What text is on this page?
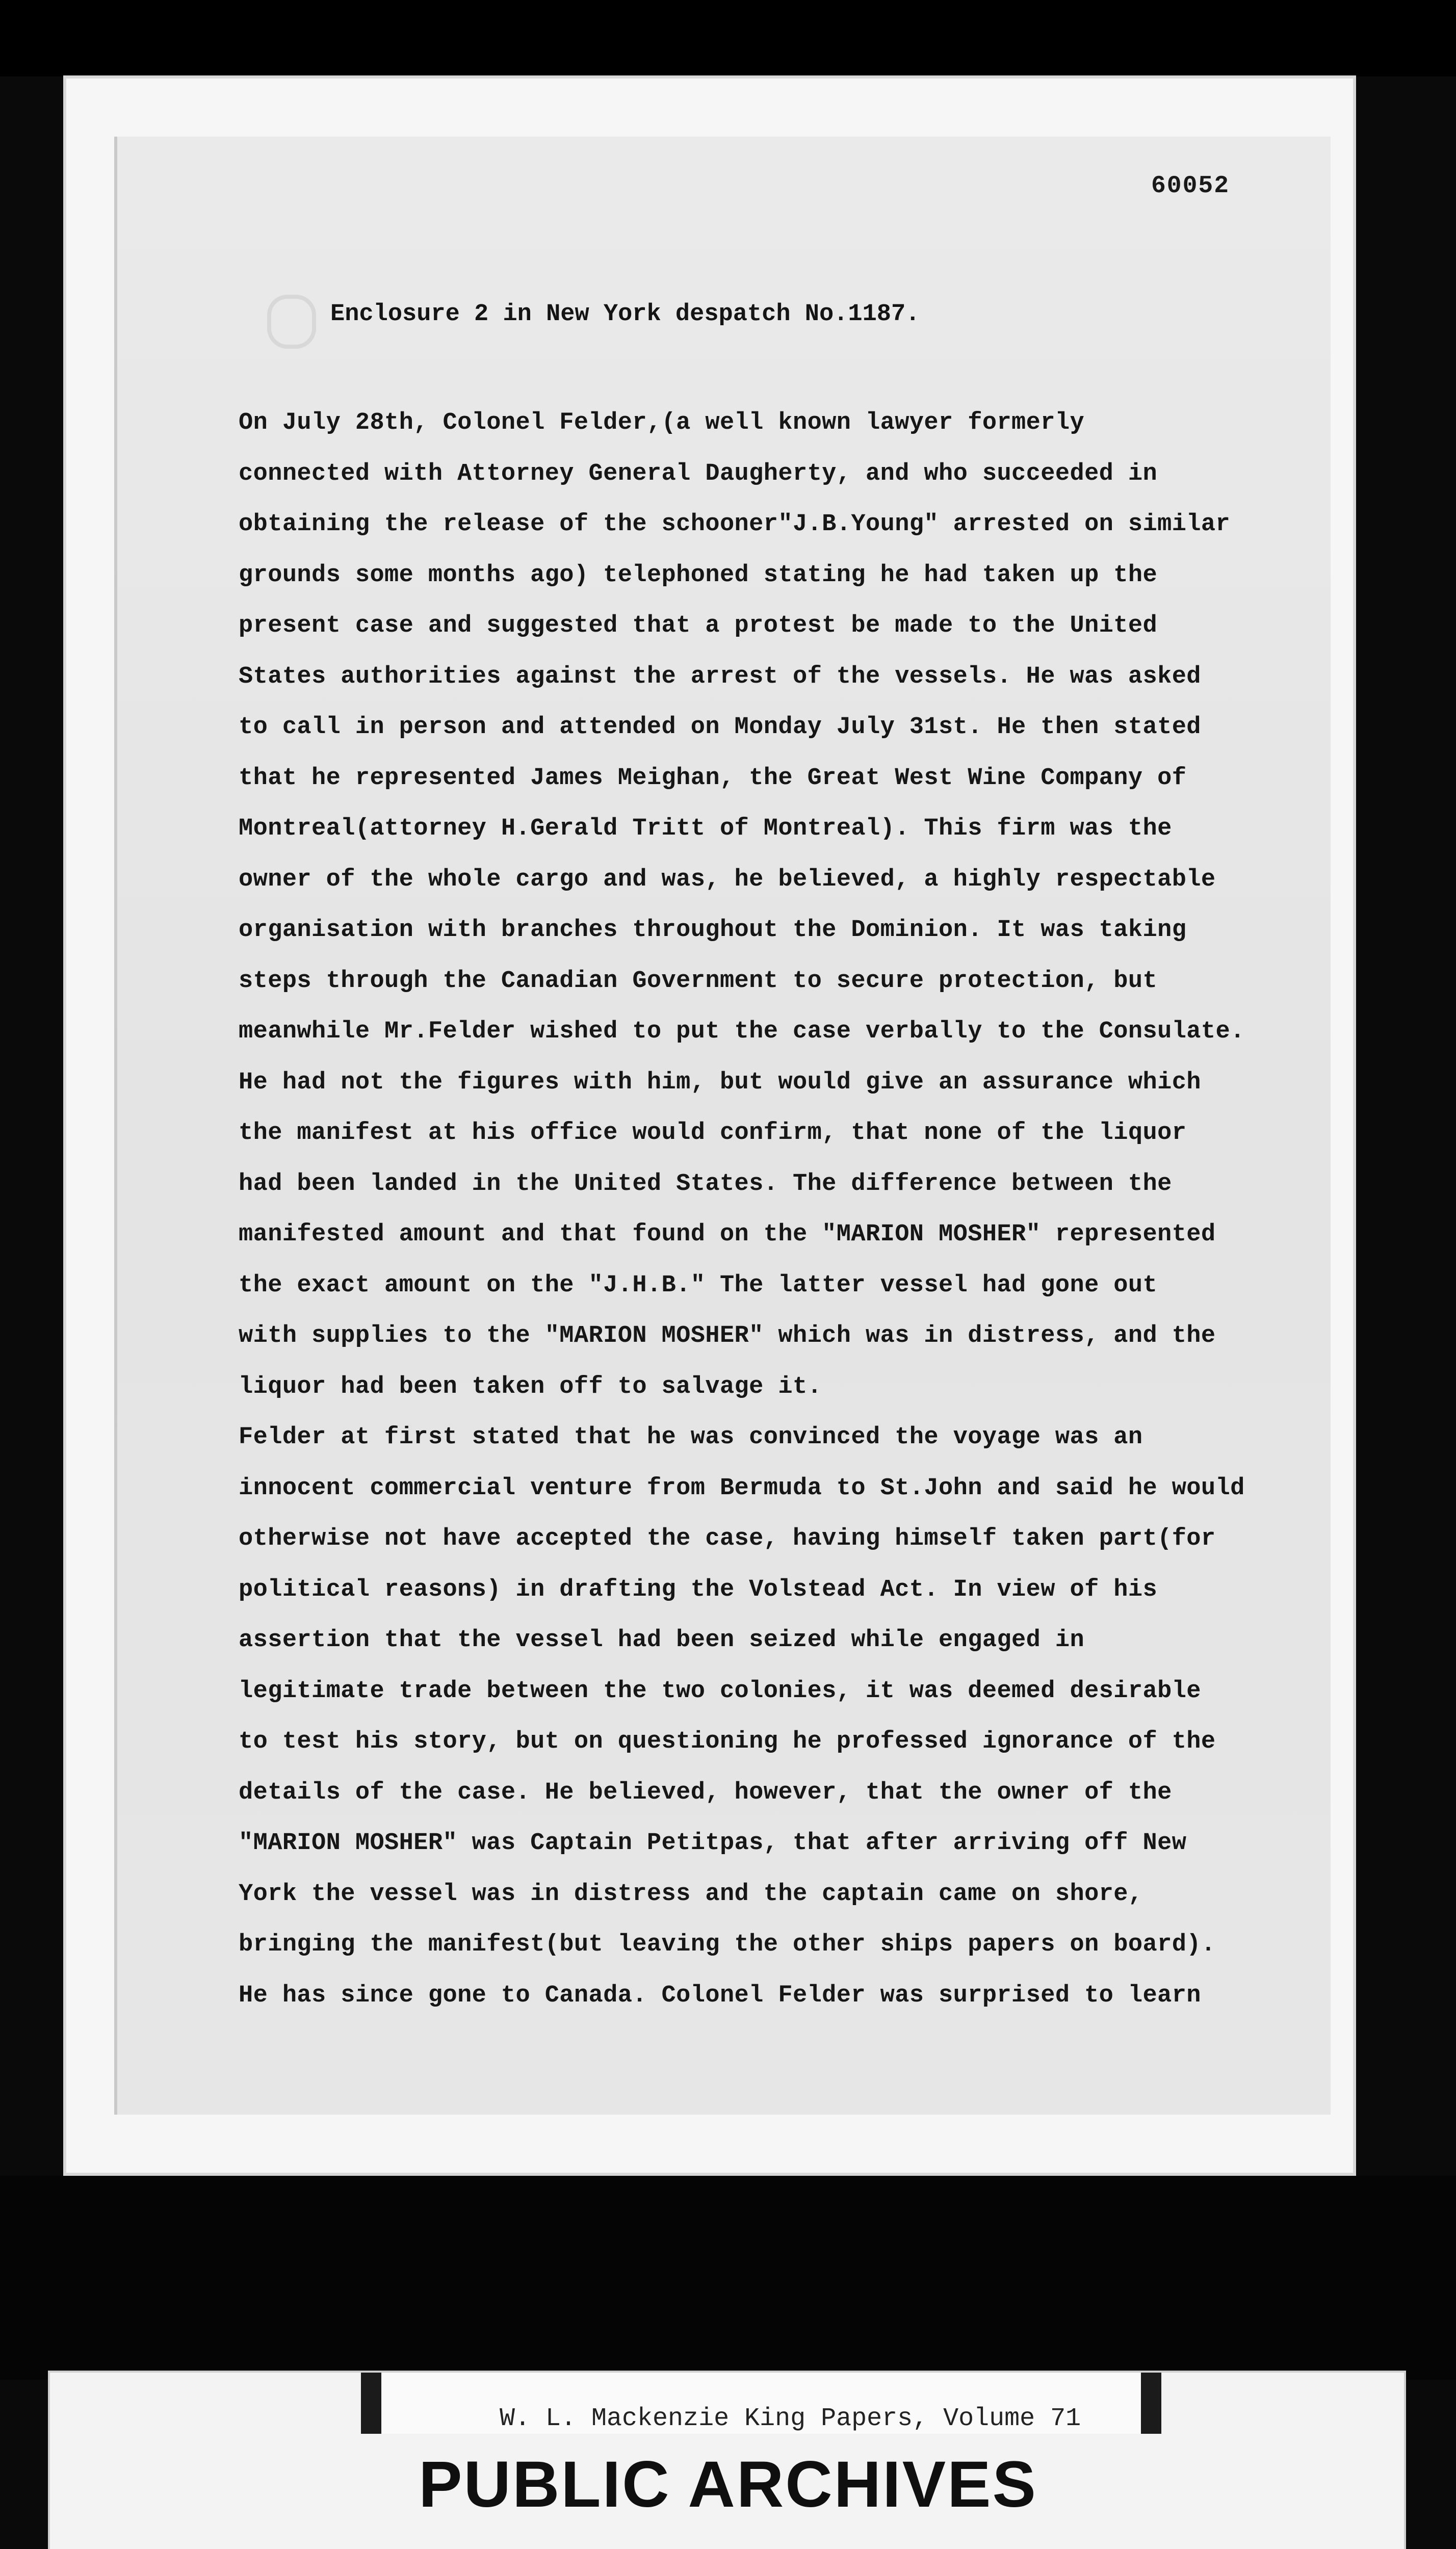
60052
Enclosure 2 in New York despatch No.1187.
On July 28th, Colonel Felder,(a well known lawyer formerly
connected with Attorney General Daugherty, and who succeeded in
obtaining the release of the schooner"J.B.Young" arrested on similar
grounds some months ago) telephoned stating he had taken up the
present case and suggested that a protest be made to the United
States authorities against the arrest of the vessels. He was asked
to call in person and attended on Monday July 31st. He then stated
that he represented James Meighan, the Great West Wine Company of
Montreal(attorney H.Gerald Tritt of Montreal). This firm was the
owner of the whole cargo and was, he believed, a highly respectable
organisation with branches throughout the Dominion. It was taking
steps through the Canadian Government to secure protection, but
meanwhile Mr.Felder wished to put the case verbally to the Consulate.
He had not the figures with him, but would give an assurance which
the manifest at his office would confirm, that none of the liquor
had been landed in the United States. The difference between the
manifested amount and that found on the "MARION MOSHER" represented
the exact amount on the "J.H.B." The latter vessel had gone out
with supplies to the "MARION MOSHER" which was in distress, and the
liquor had been taken off to salvage it.
Felder at first stated that he was convinced the voyage was an
innocent commercial venture from Bermuda to St.John and said he would
otherwise not have accepted the case, having himself taken part(for
political reasons) in drafting the Volstead Act. In view of his
assertion that the vessel had been seized while engaged in
legitimate trade between the two colonies, it was deemed desirable
to test his story, but on questioning he professed ignorance of the
details of the case. He believed, however, that the owner of the
"MARION MOSHER" was Captain Petitpas, that after arriving off New
York the vessel was in distress and the captain came on shore,
bringing the manifest(but leaving the other ships papers on board).
He has since gone to Canada. Colonel Felder was surprised to learn
W. L. Mackenzie King Papers, Volume 71
PUBLIC ARCHIVES
